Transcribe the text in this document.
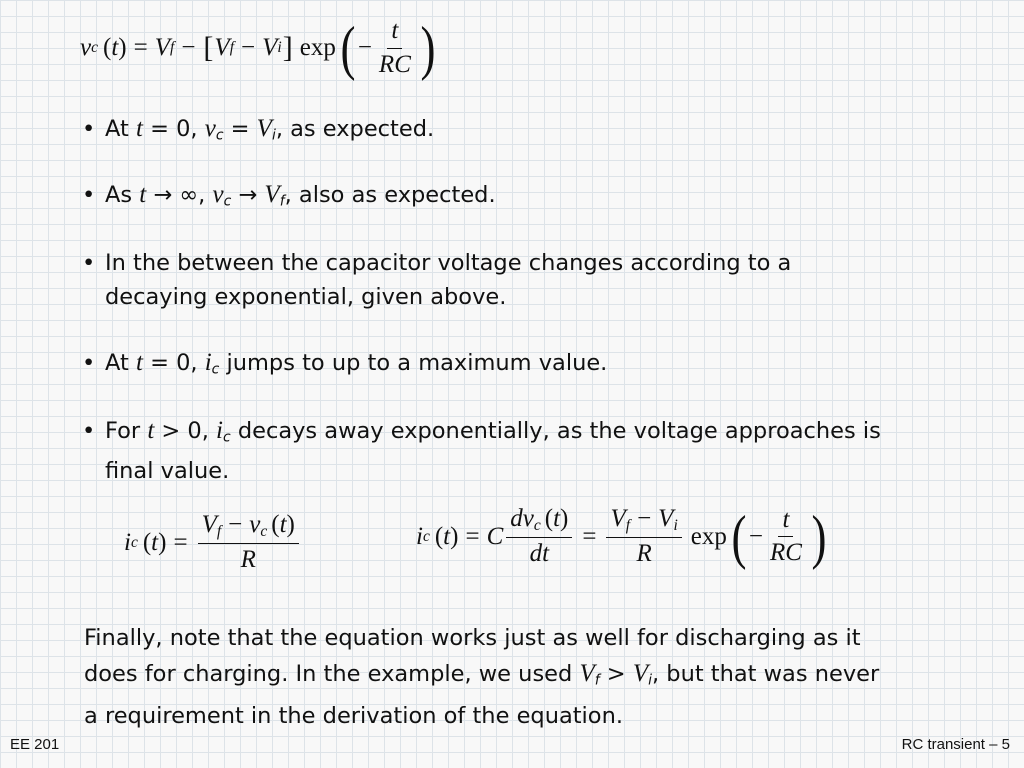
v c ( t ) = V f − [ V f − V i ] exp ( − $\frac{t}{RC}$ )
• At t = 0, $v_c = V_i$, as expected.
• As t → ∞, $v_c \to V_f$, also as expected.
• In the between the capacitor voltage changes according to a
decaying exponential, given above.
• At t = 0, $i_c$ jumps to up to a maximum value.
• For t > 0, $i_c$ decays away exponentially, as the voltage approaches is
final value.
i c ( t ) = $\frac{V_f - v_c (t)}{R}$	i c ( t ) = C $\frac{dv_c (t)}{dt} = \frac{V_f - V_i}{R}$ exp ( − $\frac{t}{RC}$ )

Finally, note that the equation works just as well for discharging as it
does for charging. In the example, we used $V_f > V_i$, but that was never
a requirement in the derivation of the equation.

EE 201	RC transient – 5
